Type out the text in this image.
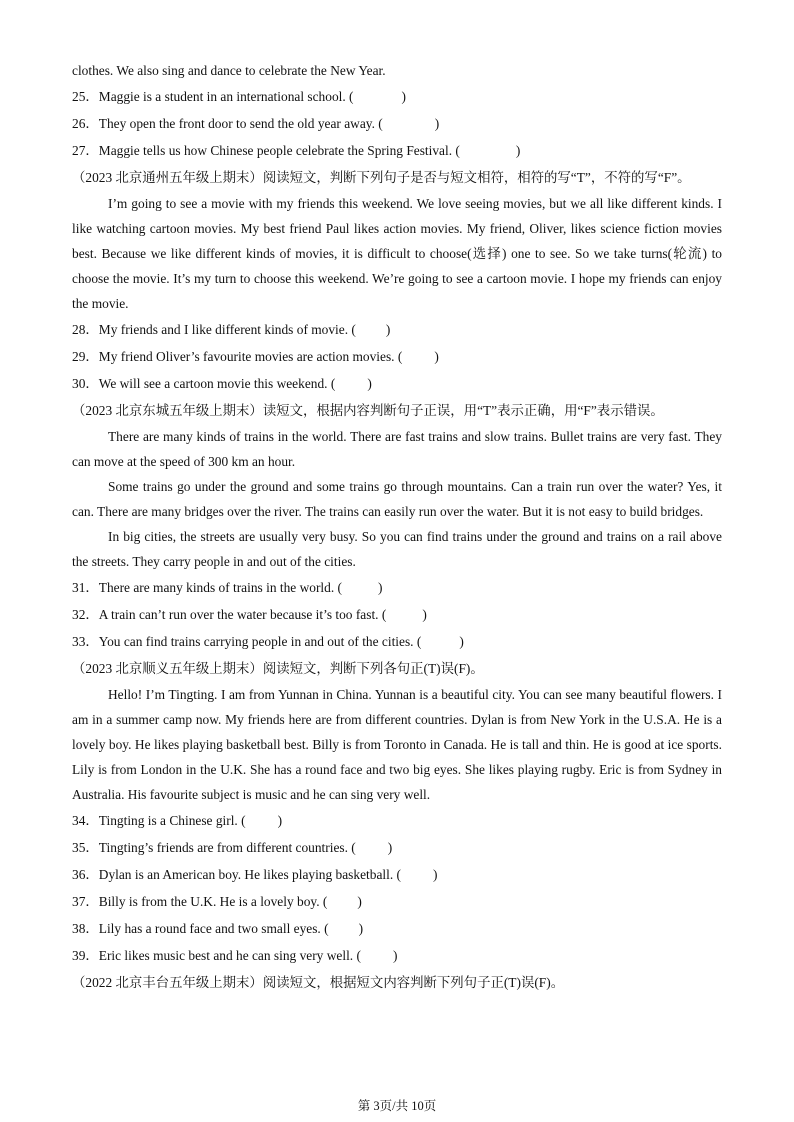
clothes. We also sing and dance to celebrate the New Year.
25．Maggie is a student in an international school. (	)
26．They open the front door to send the old year away. (	)
27．Maggie tells us how Chinese people celebrate the Spring Festival. (	)
（2023 北京通州五年级上期末）阅读短文，判断下列句子是否与短文相符，相符的写“T”，不符的写“F”。

I’m going to see a movie with my friends this weekend. We love seeing movies, but we all like different kinds. I like watching cartoon movies. My best friend Paul likes action movies. My friend, Oliver, likes science fiction movies best. Because we like different kinds of movies, it is difficult to choose(选择) one to see. So we take turns(轮流) to choose the movie. It’s my turn to choose this weekend. We’re going to see a cartoon movie. I hope my friends can enjoy the movie.

28．My friends and I like different kinds of movie. ( )
29．My friend Oliver’s favourite movies are action movies. ( )
30．We will see a cartoon movie this weekend. ( )
（2023 北京东城五年级上期末）读短文，根据内容判断句子正误，用“T”表示正确，用“F”表示错误。

There are many kinds of trains in the world. There are fast trains and slow trains. Bullet trains are very fast. They can move at the speed of 300 km an hour.

Some trains go under the ground and some trains go through mountains. Can a train run over the water? Yes, it can. There are many bridges over the river. The trains can easily run over the water. But it is not easy to build bridges.

In big cities, the streets are usually very busy. So you can find trains under the ground and trains on a rail above the streets. They carry people in and out of the cities.

31．There are many kinds of trains in the world. (	)
32．A train can’t run over the water because it’s too fast. (	)
33．You can find trains carrying people in and out of the cities. (	)
（2023 北京顺义五年级上期末）阅读短文，判断下列各句正(T)误(F)。

Hello! I’m Tingting. I am from Yunnan in China. Yunnan is a beautiful city. You can see many beautiful flowers. I am in a summer camp now. My friends here are from different countries. Dylan is from New York in the U.S.A. He is a lovely boy. He likes playing basketball best. Billy is from Toronto in Canada. He is tall and thin. He is good at ice sports. Lily is from London in the U.K. She has a round face and two big eyes. She likes playing rugby. Eric is from Sydney in Australia. His favourite subject is music and he can sing very well.

34．Tingting is a Chinese girl. ( )
35．Tingting’s friends are from different countries. ( )
36．Dylan is an American boy. He likes playing basketball. ( )
37．Billy is from the U.K. He is a lovely boy. ( )
38．Lily has a round face and two small eyes. ( )
39．Eric likes music best and he can sing very well. ( )
（2022 北京丰台五年级上期末）阅读短文，根据短文内容判断下列句子正(T)误(F)。
第 3页/共 10页
